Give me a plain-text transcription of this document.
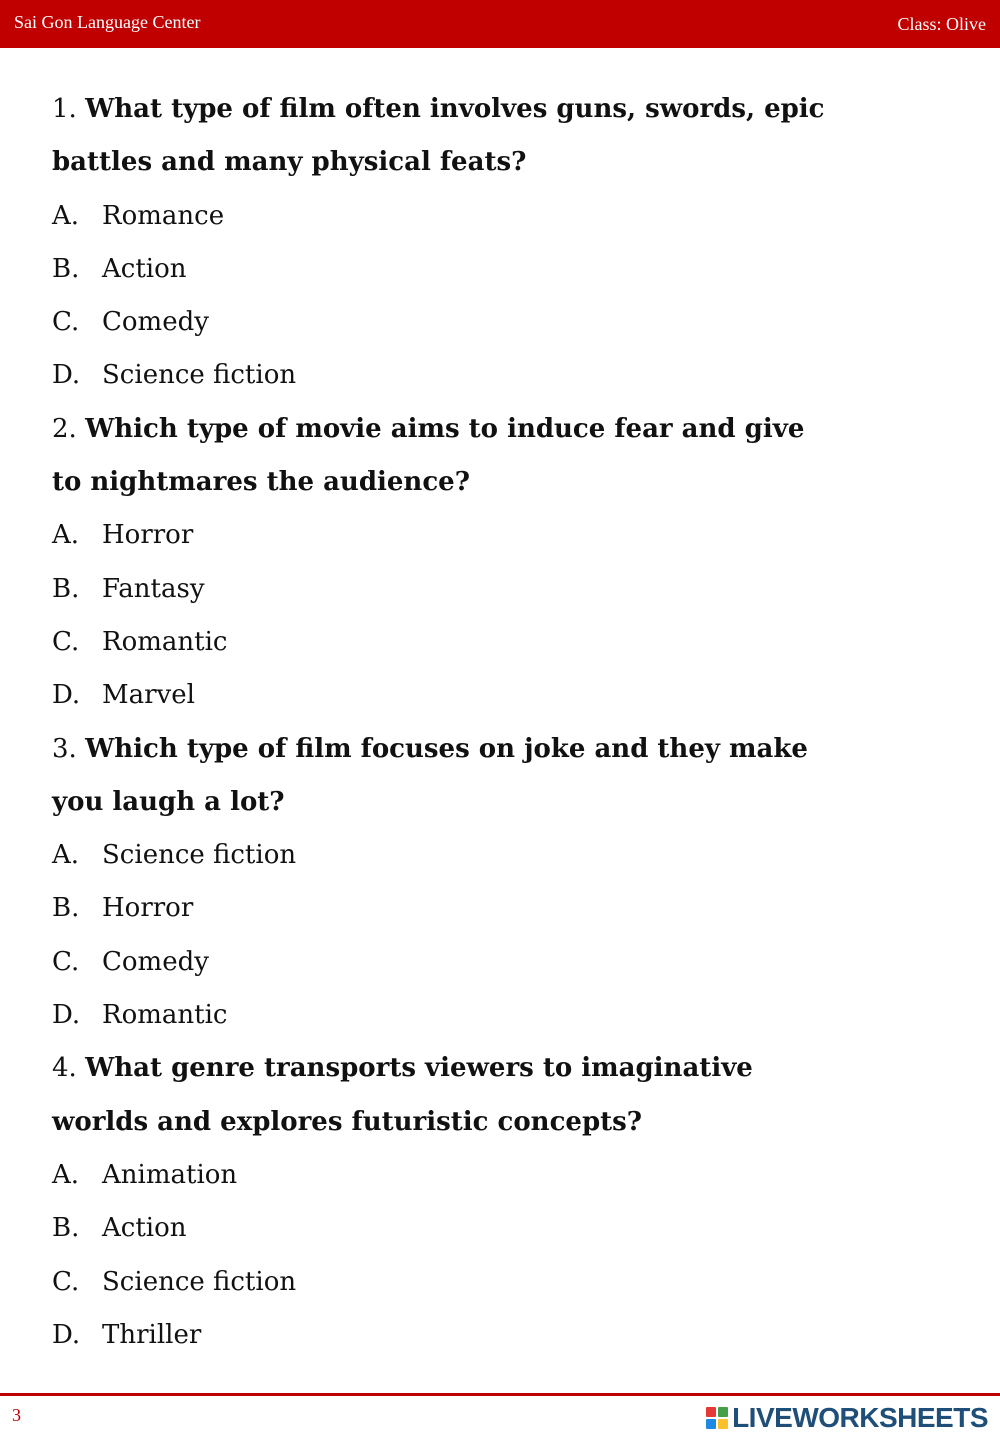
Sai Gon Language Center	Class: Olive
1. What type of film often involves guns, swords, epic
battles and many physical feats?
A. Romance
B. Action
C. Comedy
D. Science fiction
2. Which type of movie aims to induce fear and give
to nightmares the audience?
A. Horror
B. Fantasy
C. Romantic
D. Marvel
3. Which type of film focuses on joke and they make
you laugh a lot?
A. Science fiction
B. Horror
C. Comedy
D. Romantic
4. What genre transports viewers to imaginative
worlds and explores futuristic concepts?
A. Animation
B. Action
C. Science fiction
D. Thriller
3	LIVEWORKSHEETS
